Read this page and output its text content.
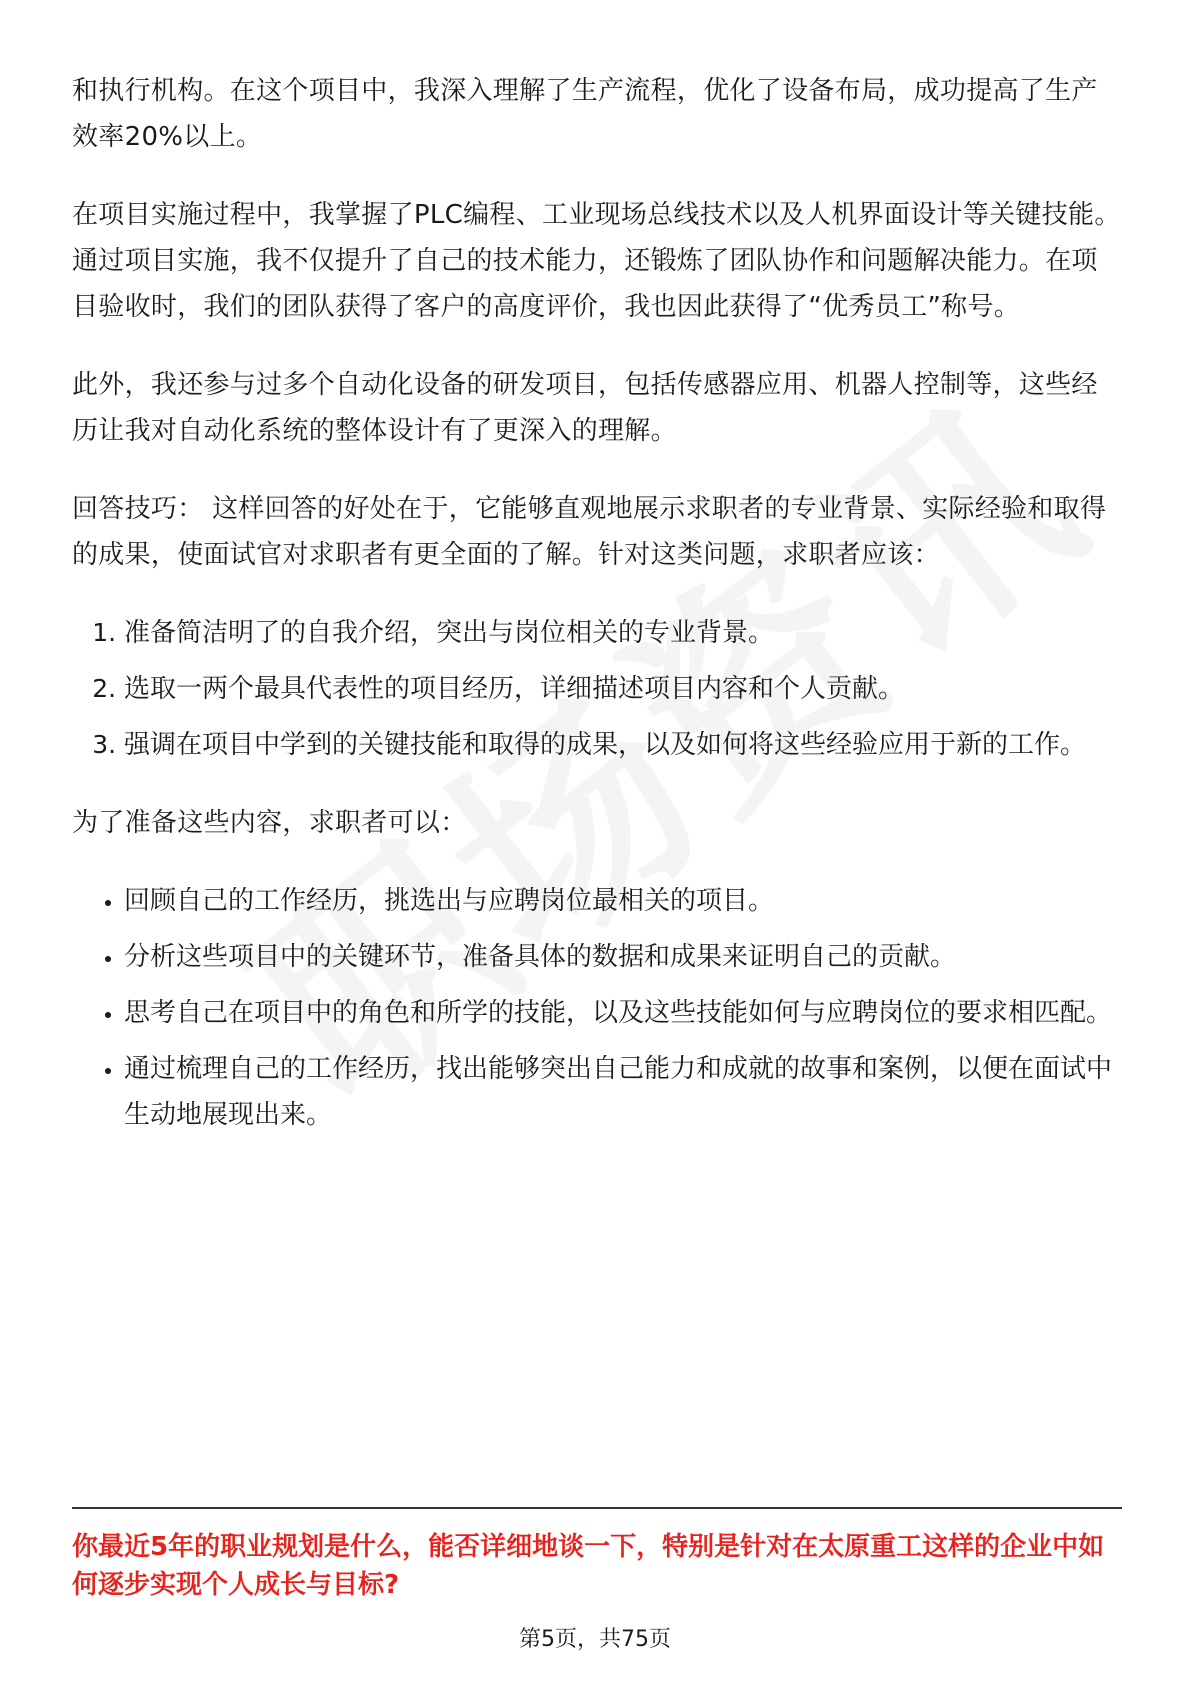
和执行机构。在这个项目中，我深入理解了生产流程，优化了设备布局，成功提高了生产效率20%以上。

在项目实施过程中，我掌握了PLC编程、工业现场总线技术以及人机界面设计等关键技能。通过项目实施，我不仅提升了自己的技术能力，还锻炼了团队协作和问题解决能力。在项目验收时，我们的团队获得了客户的高度评价，我也因此获得了“优秀员工”称号。

此外，我还参与过多个自动化设备的研发项目，包括传感器应用、机器人控制等，这些经历让我对自动化系统的整体设计有了更深入的理解。

回答技巧： 这样回答的好处在于，它能够直观地展示求职者的专业背景、实际经验和取得的成果，使面试官对求职者有更全面的了解。针对这类问题，求职者应该：

1. 准备简洁明了的自我介绍，突出与岗位相关的专业背景。
2. 选取一两个最具代表性的项目经历，详细描述项目内容和个人贡献。
3. 强调在项目中学到的关键技能和取得的成果，以及如何将这些经验应用于新的工作。

为了准备这些内容，求职者可以：

• 回顾自己的工作经历，挑选出与应聘岗位最相关的项目。
• 分析这些项目中的关键环节，准备具体的数据和成果来证明自己的贡献。
• 思考自己在项目中的角色和所学的技能，以及这些技能如何与应聘岗位的要求相匹配。
• 通过梳理自己的工作经历，找出能够突出自己能力和成就的故事和案例，以便在面试中生动地展现出来。
你最近5年的职业规划是什么，能否详细地谈一下，特别是针对在太原重工这样的企业中如何逐步实现个人成长与目标?
第5页，共75页
